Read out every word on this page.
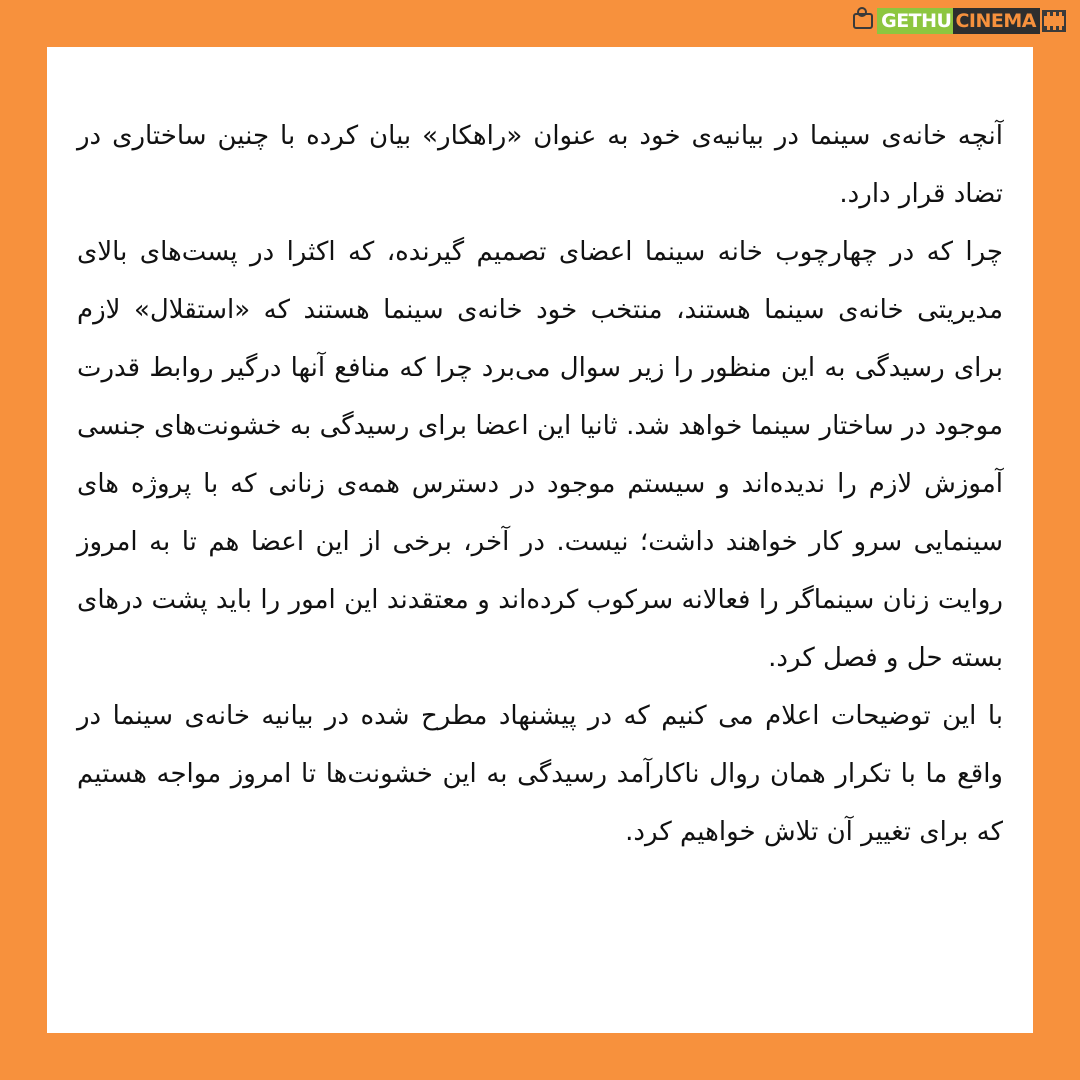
GETHU CINEMA

آنچه خانه‌ی سینما در بیانیه‌ی خود به عنوان «راهکار» بیان کرده با چنین ساختاری در تضاد قرار دارد.

چرا که در چهارچوب خانه سینما اعضای تصمیم گیرنده، که اکثرا در پست‌های بالای مدیریتی خانه‌ی سینما هستند، منتخب خود خانه‌ی سینما هستند که «استقلال» لازم برای رسیدگی به این منظور را زیر سوال می‌برد چرا که منافع آنها درگیر روابط قدرت موجود در ساختار سینما خواهد شد. ثانیا این اعضا برای رسیدگی به خشونت‌های جنسی آموزش لازم را ندیده‌اند و سیستم موجود در دسترس همه‌ی زنانی که با پروژه های سینمایی سرو کار خواهند داشت؛ نیست. در آخر، برخی از این اعضا هم تا به امروز روایت زنان سینماگر را فعالانه سرکوب کرده‌اند و معتقدند این امور را باید پشت درهای بسته حل و فصل کرد.

با این توضیحات اعلام می کنیم که در پیشنهاد مطرح شده در بیانیه خانه‌ی سینما در واقع ما با تکرار همان روال ناکارآمد رسیدگی به این خشونت‌ها تا امروز مواجه هستیم که برای تغییر آن تلاش خواهیم کرد.
